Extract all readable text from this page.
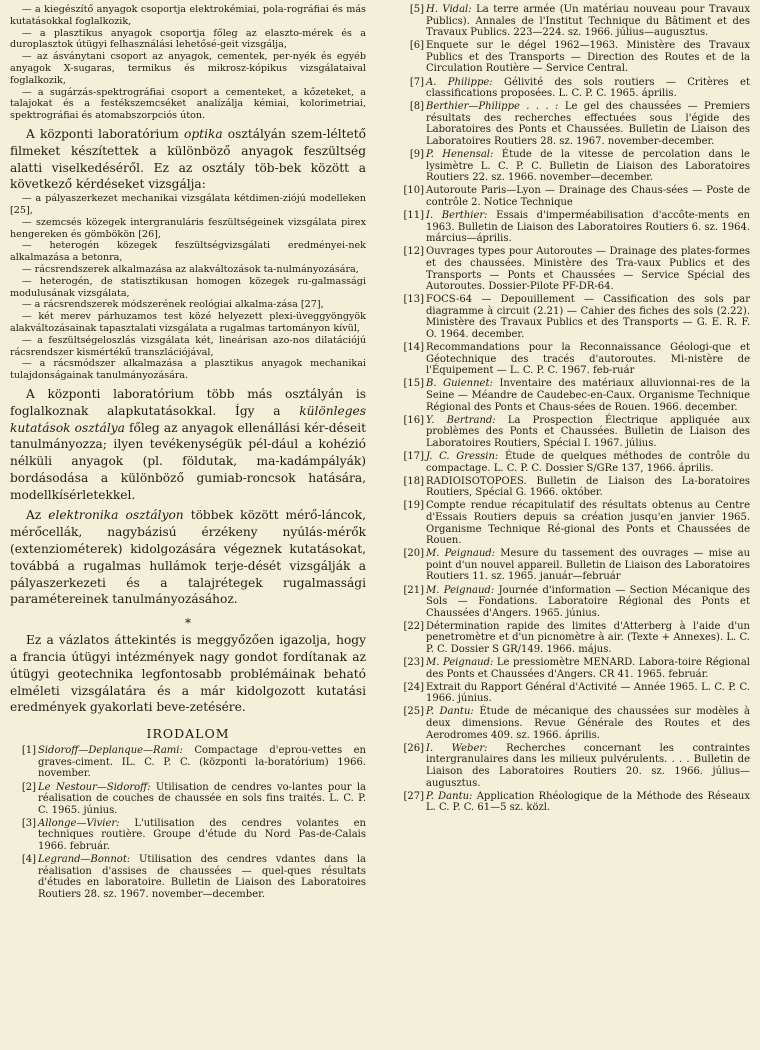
— a kiegészítő anyagok csoportja elektrokémiai, pola-rográfiai és más kutatásokkal foglalkozik,
— a plasztikus anyagok csoportja főleg az elaszto-mérek és a duroplasztok útügyi felhasználási lehetősé-geit vizsgálja,
— az ásványtani csoport az anyagok, cementek, per-nyék és egyéb anyagok X-sugaras, termikus és mikrosz-kópikus vizsgálataival foglalkozik,
— a sugárzás-spektrográfiai csoport a cementeket, a kőzeteket, a talajokat és a festékszemcséket analízálja kémiai, kolorimetriai, spektrográfiai és atomabszorpciós úton.

A központi laboratórium optika osztályán szem-léltető filmeket készítettek a különböző anyagok feszültség alatti viselkedéséről. Ez az osztály töb-bek között a következő kérdéseket vizsgálja:

— a pályaszerkezet mechanikai vizsgálata kétdimen-ziójú modelleken [25],
— szemcsés közegek intergranuláris feszültségeinek vizsgálata pirex hengereken és gömbökön [26],
— heterogén közegek feszültségvizsgálati eredményei-nek alkalmazása a betonra,
— rácsrendszerek alkalmazása az alakváltozások ta-nulmányozására,
— heterogén, de statisztikusan homogen közegek ru-galmassági modulusának vizsgálata,
— a rácsrendszerek módszerének reológiai alkalma-zása [27],
— két merev párhuzamos test közé helyezett plexi-üveggyöngyök alakváltozásainak tapasztalati vizsgálata a rugalmas tartományon kívül,
— a feszültségeloszlás vizsgálata két, lineárisan azo-nos dilatációjú rácsrendszer kismértékű transzlációjával,
— a rácsmódszer alkalmazása a plasztikus anyagok mechanikai tulajdonságainak tanulmányozására.

A központi laboratórium több más osztályán is foglalkoznak alapkutatásokkal. Így a különleges kutatások osztálya főleg az anyagok ellenállási kér-déseit tanulmányozza; ilyen tevékenységük pél-dául a kohézió nélküli anyagok (pl. földutak, ma-kadámpályák) bordásodása a különböző gumiab-roncsok hatására, modellkísérletekkel.

Az elektronika osztályon többek között mérő-láncok, mérőcellák, nagybázisú érzékeny nyúlás-mérők (extenziométerek) kidolgozására végeznek kutatásokat, továbbá a rugalmas hullámok terje-dését vizsgálják a pályaszerkezeti és a talajrétegek rugalmassági paramétereinek tanulmányozásához.

*

Ez a vázlatos áttekintés is meggyőzően igazolja, hogy a francia útügyi intézmények nagy gondot fordítanak az útügyi geotechnika legfontosabb problémáinak beható elméleti vizsgálatára és a már kidolgozott kutatási eredmények gyakorlati beve-zetésére.

IRODALOM
[1] Sidoroff—Deplanque—Rami: Compactage d'eprou-vettes en graves-ciment. IL. C. P. C. (központi la-boratórium) 1966. november.
[2] Le Nestour—Sidoroff: Utilisation de cendres vo-lantes pour la réalisation de couches de chaussée en sols fins traités. L. C. P. C. 1965. június.
[3] Allonge—Vivier: L'utilisation des cendres volantes en techniques routière. Groupe d'étude du Nord Pas-de-Calais 1966. február.
[4] Legrand—Bonnot: Utilisation des cendres vdantes dans la réalisation d'assises de chaussées — quel-ques résultats d'études en laboratoire. Bulletin de Liaison des Laboratoires Routiers 28. sz. 1967. november—december.
[5] H. Vidal: La terre armée (Un matériau nouveau pour Travaux Publics). Annales de l'Institut Technique du Bâtiment et des Travaux Publics. 223—224. sz. 1966. július—augusztus.
[6] Enquete sur le dégel 1962—1963. Ministère des Travaux Publics et des Transports — Direction des Routes et de la Circulation Routière — Service Central.
[7] A. Philippe: Gélivité des sols routiers — Critères et classifications proposées. L. C. P. C. 1965. április.
[8] Berthier—Philippe . . . : Le gel des chaussées — Premiers résultats des recherches effectuées sous l'égide des Laboratoires des Ponts et Chaussées. Bulletin de Liaison des Laboratoires Routiers 28. sz. 1967. november-december.
[9] P. Henensal: Étude de la vitesse de percolation dans le lysimètre L. C. P. C. Bulletin de Liaison des Laboratoires Routiers 22. sz. 1966. november—december.
[10] Autoroute Paris—Lyon — Drainage des Chaus-sées — Poste de contrôle 2. Notice Technique
[11] I. Berthier: Essais d'imperméabilisation d'accôte-ments en 1963. Bulletin de Liaison des Laboratoires Routiers 6. sz. 1964. március—április.
[12] Ouvrages types pour Autoroutes — Drainage des plates-formes et des chaussées. Ministère des Tra-vaux Publics et des Transports — Ponts et Chaussées — Service Spécial des Autoroutes. Dossier-Pilote PF-DR-64.
[13] FOCS-64 — Depouillement — Cassification des sols par diagramme à circuit (2.21) — Cahier des fiches des sols (2.22). Ministère des Travaux Publics et des Transports — G. E. R. F. O. 1964. december.
[14] Recommandations pour la Reconnaissance Géologi-que et Géotechnique des tracés d'autoroutes. Mi-nistère de l'Équipement — L. C. P. C. 1967. feb-ruár
[15] B. Guiennet: Inventaire des matériaux alluvionnai-res de la Seine — Méandre de Caudebec-en-Caux. Organisme Technique Régional des Ponts et Chaus-sées de Rouen. 1966. december.
[16] Y. Bertrand: La Prospection Électrique appliquée aux problèmes des Ponts et Chaussées. Bulletin de Liaison des Laboratoires Routiers, Spécial I. 1967. július.
[17] J. C. Gressin: Étude de quelques méthodes de contrôle du compactage. L. C. P. C. Dossier S/GRe 137, 1966. április.
[18] RADIOISOTOPOES. Bulletin de Liaison des La-boratoires Routiers, Spécial G. 1966. október.
[19] Compte rendue récapitulatif des résultats obtenus au Centre d'Essais Routiers depuis sa création jusqu'en janvier 1965. Organisme Technique Ré-gional des Ponts et Chaussées de Rouen.
[20] M. Peignaud: Mesure du tassement des ouvrages — mise au point d'un nouvel appareil. Bulletin de Liaison des Laboratoires Routiers 11. sz. 1965. január—február
[21] M. Peignaud: Journée d'information — Section Mécanique des Sols — Fondations. Laboratoire Régional des Ponts et Chaussées d'Angers. 1965. június.
[22] Détermination rapide des limites d'Atterberg à l'aide d'un penetromètre et d'un picnomètre à air. (Texte + Annexes). L. C. P. C. Dossier S GR/149. 1966. május.
[23] M. Peignaud: Le pressiomètre MENARD. Labora-toire Régional des Ponts et Chaussées d'Angers. CR 41. 1965. február.
[24] Extrait du Rapport Général d'Activité — Année 1965. L. C. P. C. 1966. június.
[25] P. Dantu: Étude de mécanique des chaussées sur modèles à deux dimensions. Revue Générale des Routes et des Aerodromes 409. sz. 1966. április.
[26] I. Weber: Recherches concernant les contraintes intergranulaires dans les milieux pulvérulents. . . . Bulletin de Liaison des Laboratoires Routiers 20. sz. 1966. július—augusztus.
[27] P. Dantu: Application Rhéologique de la Méthode des Réseaux L. C. P. C. 61—5 sz. közl.
